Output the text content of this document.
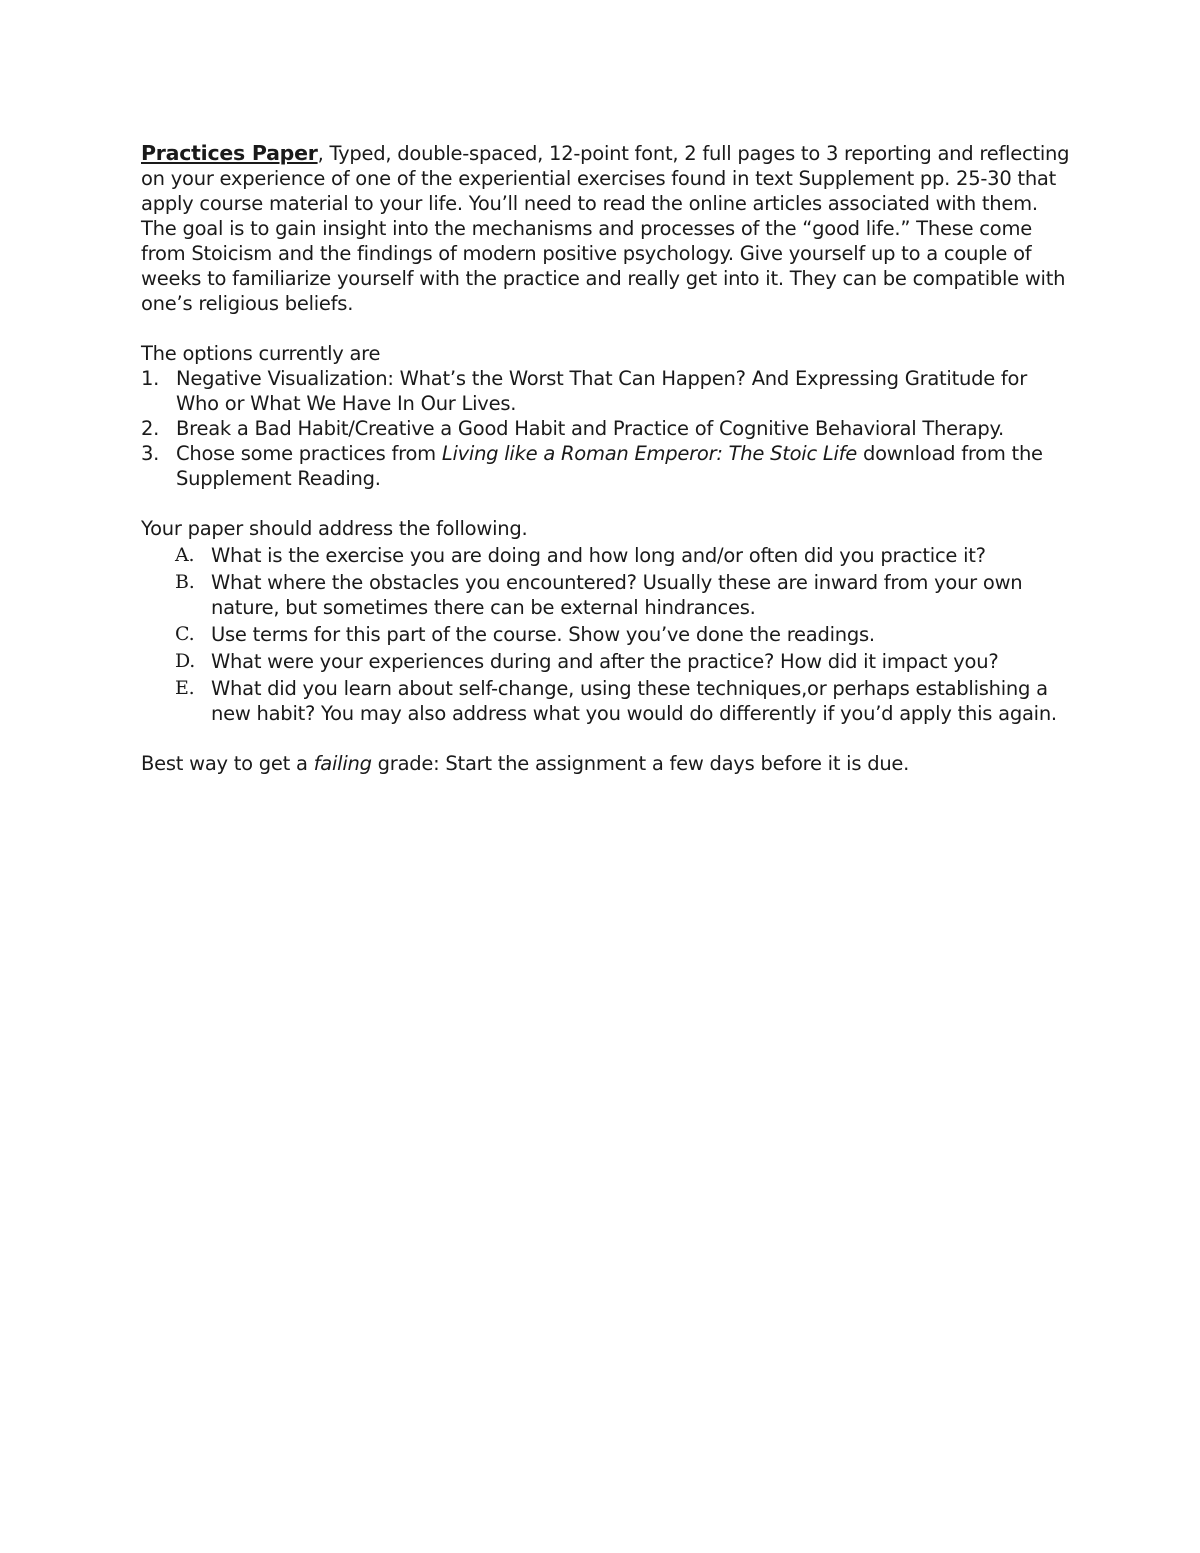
Practices Paper, Typed, double-spaced, 12-point font, 2 full pages to 3 reporting and reflecting on your experience of one of the experiential exercises found in text Supplement pp. 25-30 that apply course material to your life. You’ll need to read the online articles associated with them. The goal is to gain insight into the mechanisms and processes of the “good life.” These come from Stoicism and the findings of modern positive psychology. Give yourself up to a couple of weeks to familiarize yourself with the practice and really get into it. They can be compatible with one’s religious beliefs.

The options currently are

1. Negative Visualization: What’s the Worst That Can Happen? And Expressing Gratitude for Who or What We Have In Our Lives.
2. Break a Bad Habit/Creative a Good Habit and Practice of Cognitive Behavioral Therapy.
3. Chose some practices from Living like a Roman Emperor: The Stoic Life download from the Supplement Reading.

Your paper should address the following.

A. What is the exercise you are doing and how long and/or often did you practice it?
B. What where the obstacles you encountered? Usually these are inward from your own nature, but sometimes there can be external hindrances.
C. Use terms for this part of the course. Show you’ve done the readings.
D. What were your experiences during and after the practice? How did it impact you?
E. What did you learn about self-change, using these techniques,or perhaps establishing a new habit? You may also address what you would do differently if you’d apply this again.

Best way to get a failing grade: Start the assignment a few days before it is due.
